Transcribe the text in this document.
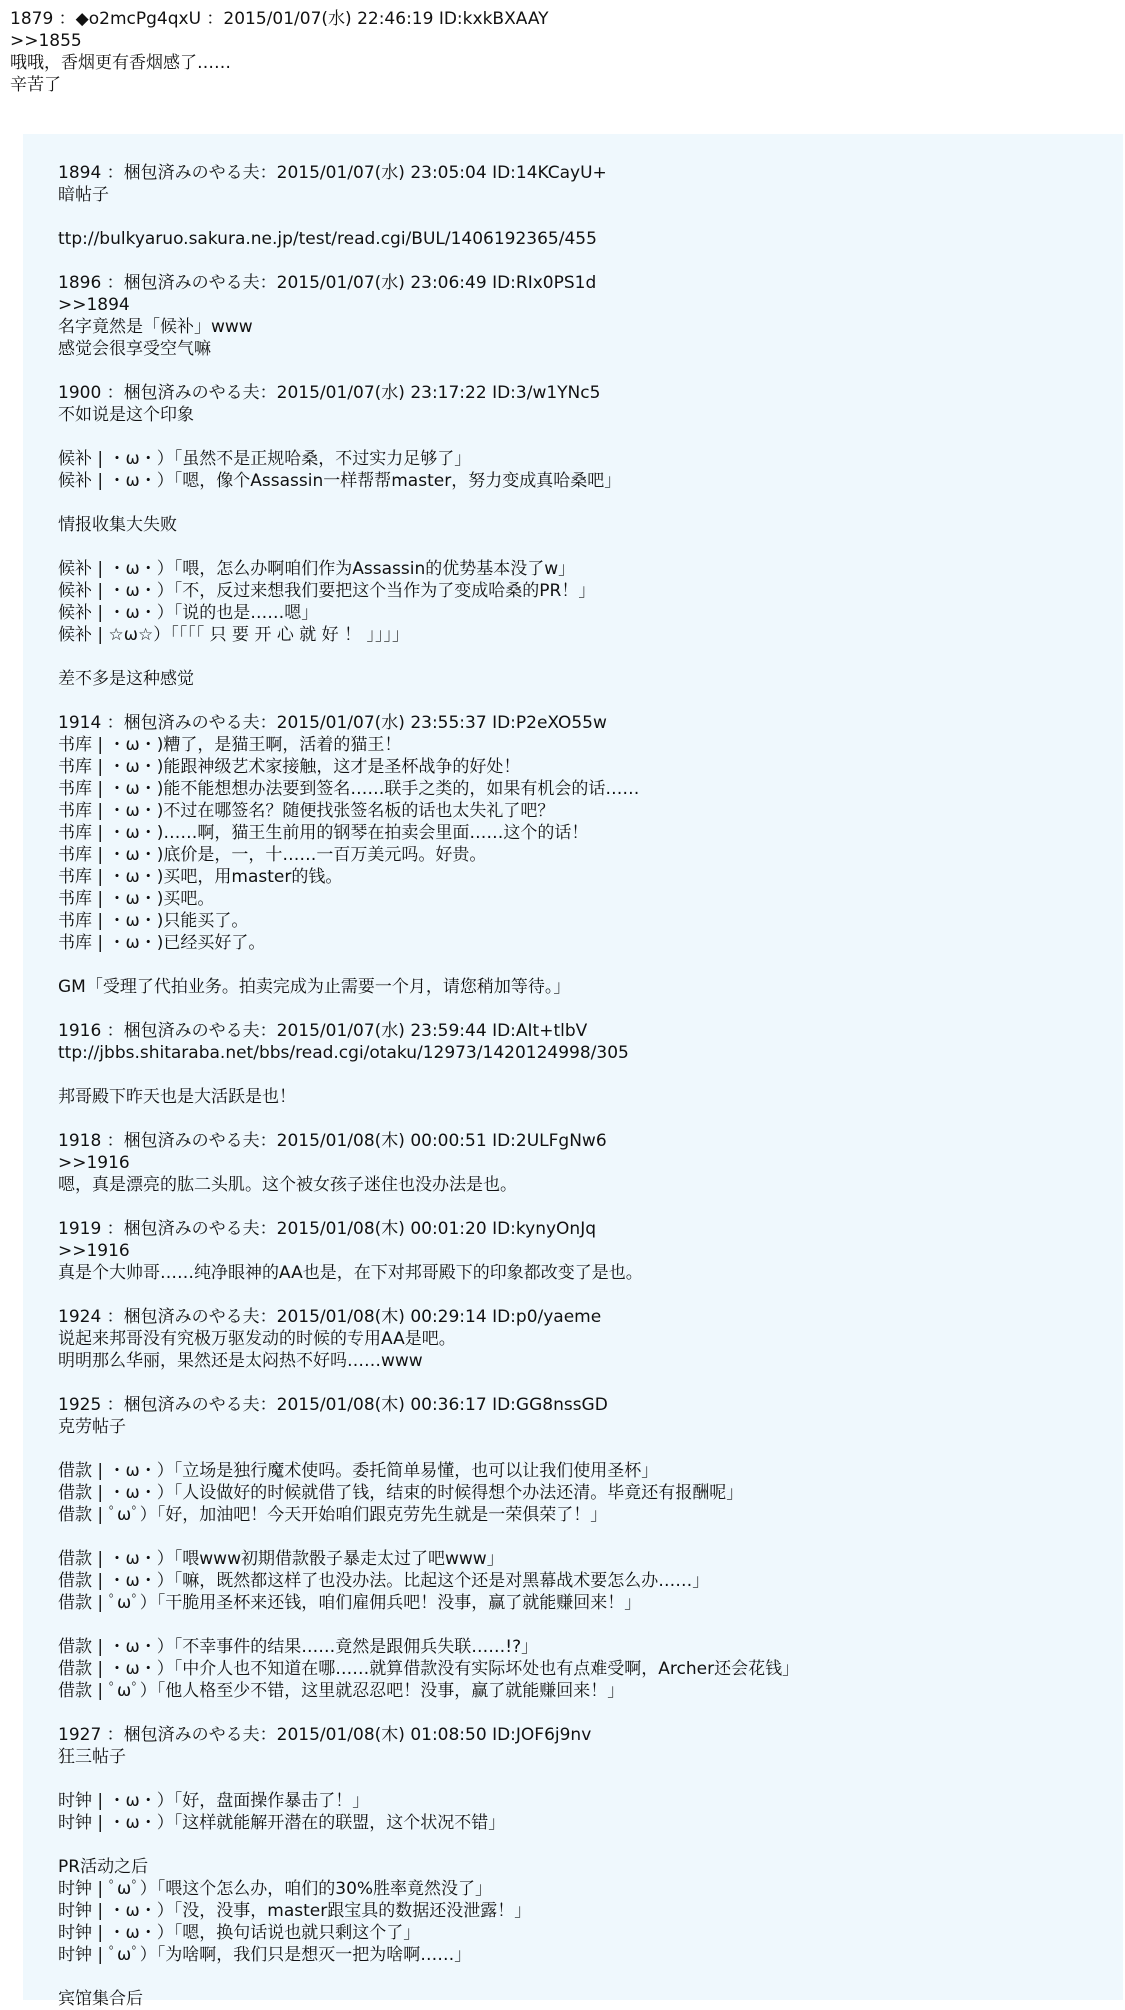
1879 ：◆o2mcPg4qxU ：2015/01/07(水) 22:46:19 ID:kxkBXAAY
>>1855
哦哦，香烟更有香烟感了……
辛苦了
1894 ：梱包済みのやる夫：2015/01/07(水) 23:05:04 ID:14KCayU+
暗帖子
ttp://bulkyaruo.sakura.ne.jp/test/read.cgi/BUL/1406192365/455
1896 ：梱包済みのやる夫：2015/01/07(水) 23:06:49 ID:RIx0PS1d
>>1894
名字竟然是「候补」www
感觉会很享受空气嘛
1900 ：梱包済みのやる夫：2015/01/07(水) 23:17:22 ID:3/w1YNc5
不如说是这个印象
候补 | ・ω・）「虽然不是正规哈桑，不过实力足够了」
候补 | ・ω・）「嗯，像个Assassin一样帮帮master，努力变成真哈桑吧」
情报收集大失败
候补 | ・ω・）「喂，怎么办啊咱们作为Assassin的优势基本没了w」
候补 | ・ω・）「不，反过来想我们要把这个当作为了变成哈桑的PR！」
候补 | ・ω・）「说的也是……嗯」
候补 | ☆ω☆）「「「「 只 要 开 心 就 好 ！ 」」」」
差不多是这种感觉
1914 ：梱包済みのやる夫：2015/01/07(水) 23:55:37 ID:P2eXO55w
书库 | ・ω・)糟了，是猫王啊，活着的猫王！
书库 | ・ω・)能跟神级艺术家接触，这才是圣杯战争的好处！
书库 | ・ω・)能不能想想办法要到签名……联手之类的，如果有机会的话……
书库 | ・ω・)不过在哪签名？随便找张签名板的话也太失礼了吧？
书库 | ・ω・)……啊，猫王生前用的钢琴在拍卖会里面……这个的话！
书库 | ・ω・)底价是，一，十……一百万美元吗。好贵。
书库 | ・ω・)买吧，用master的钱。
书库 | ・ω・)买吧。
书库 | ・ω・)只能买了。
书库 | ・ω・)已经买好了。
GM「受理了代拍业务。拍卖完成为止需要一个月，请您稍加等待。」
1916 ：梱包済みのやる夫：2015/01/07(水) 23:59:44 ID:AIt+tlbV
ttp://jbbs.shitaraba.net/bbs/read.cgi/otaku/12973/1420124998/305
邦哥殿下昨天也是大活跃是也！
1918 ：梱包済みのやる夫：2015/01/08(木) 00:00:51 ID:2ULFgNw6
>>1916
嗯，真是漂亮的肱二头肌。这个被女孩子迷住也没办法是也。
1919 ：梱包済みのやる夫：2015/01/08(木) 00:01:20 ID:kynyOnJq
>>1916
真是个大帅哥……纯净眼神的AA也是，在下对邦哥殿下的印象都改变了是也。
1924 ：梱包済みのやる夫：2015/01/08(木) 00:29:14 ID:p0/yaeme
说起来邦哥没有究极万驱发动的时候的专用AA是吧。
明明那么华丽，果然还是太闷热不好吗……www
1925 ：梱包済みのやる夫：2015/01/08(木) 00:36:17 ID:GG8nssGD
克劳帖子
借款 | ・ω・）「立场是独行魔术使吗。委托简单易懂，也可以让我们使用圣杯」
借款 | ・ω・）「人设做好的时候就借了钱，结束的时候得想个办法还清。毕竟还有报酬呢」
借款 | ﾟωﾟ）「好，加油吧！今天开始咱们跟克劳先生就是一荣俱荣了！」
借款 | ・ω・）「喂www初期借款骰子暴走太过了吧www」
借款 | ・ω・）「嘛，既然都这样了也没办法。比起这个还是对黑幕战术要怎么办……」
借款 | ﾟωﾟ）「干脆用圣杯来还钱，咱们雇佣兵吧！没事，赢了就能赚回来！」
借款 | ・ω・）「不幸事件的结果……竟然是跟佣兵失联……!?」
借款 | ・ω・）「中介人也不知道在哪……就算借款没有实际坏处也有点难受啊，Archer还会花钱」
借款 | ﾟωﾟ）「他人格至少不错，这里就忍忍吧！没事，赢了就能赚回来！」
1927 ：梱包済みのやる夫：2015/01/08(木) 01:08:50 ID:JOF6j9nv
狂三帖子
时钟 | ・ω・）「好，盘面操作暴击了！」
时钟 | ・ω・）「这样就能解开潜在的联盟，这个状况不错」
PR活动之后
时钟 | ﾟωﾟ）「喂这个怎么办，咱们的30%胜率竟然没了」
时钟 | ・ω・）「没，没事，master跟宝具的数据还没泄露！」
时钟 | ・ω・）「嗯，换句话说也就只剩这个了」
时钟 | ﾟωﾟ）「为啥啊，我们只是想灭一把为啥啊……」
宾馆集合后
